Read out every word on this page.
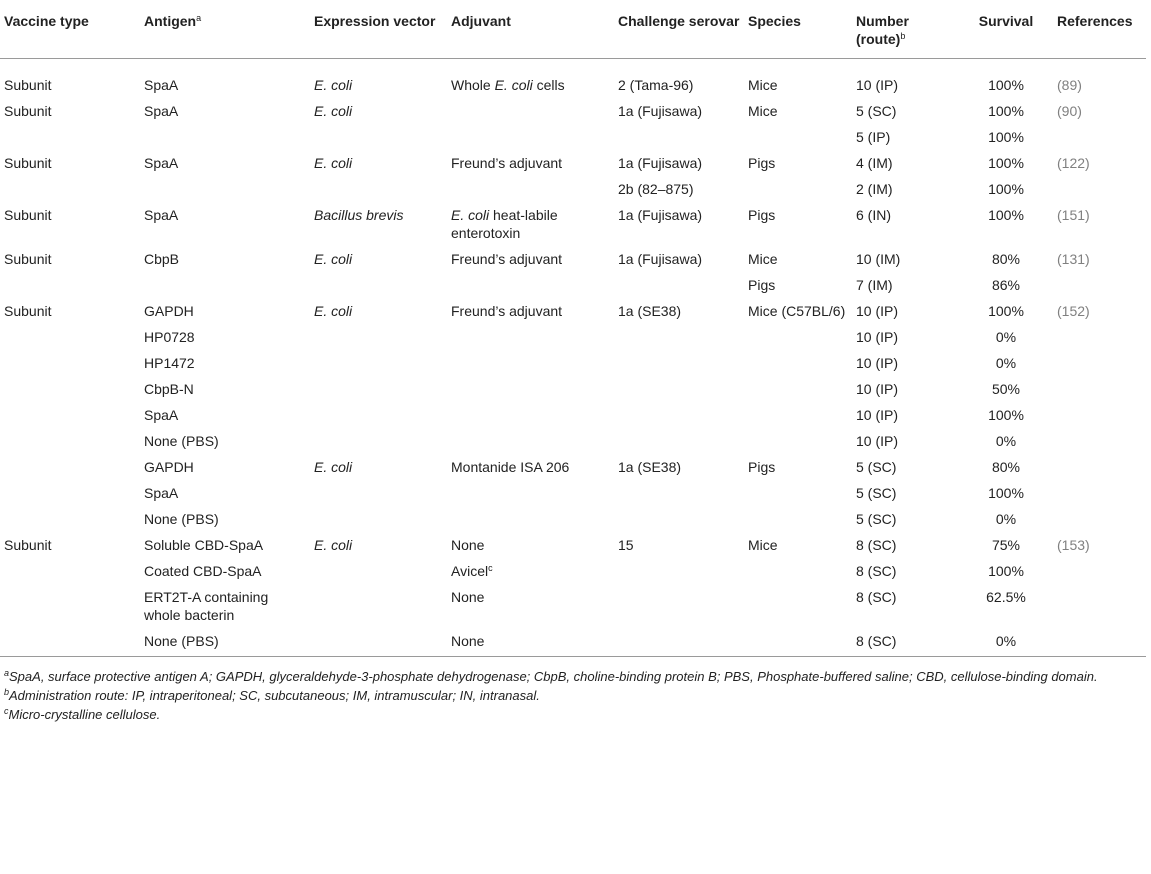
Vaccine type	Antigen$^a$	Expression vector	Adjuvant	Challenge serovar	Species	Number (route)$^b$	Survival	References
Subunit	SpaA	E. coli	Whole E. coli cells	2 (Tama-96)	Mice	10 (IP)	100%	(89)
Subunit	SpaA	E. coli		1a (Fujisawa)	Mice	5 (SC)	100%	(90)
						5 (IP)	100%	
Subunit	SpaA	E. coli	Freund’s adjuvant	1a (Fujisawa)	Pigs	4 (IM)	100%	(122)
				2b (82–875)		2 (IM)	100%	
Subunit	SpaA	Bacillus brevis	E. coli heat-labile enterotoxin	1a (Fujisawa)	Pigs	6 (IN)	100%	(151)
Subunit	CbpB	E. coli	Freund’s adjuvant	1a (Fujisawa)	Mice	10 (IM)	80%	(131)
					Pigs	7 (IM)	86%	
Subunit	GAPDH	E. coli	Freund’s adjuvant	1a (SE38)	Mice (C57BL/6)	10 (IP)	100%	(152)
	HP0728					10 (IP)	0%	
	HP1472					10 (IP)	0%	
	CbpB-N					10 (IP)	50%	
	SpaA					10 (IP)	100%	
	None (PBS)					10 (IP)	0%	
	GAPDH	E. coli	Montanide ISA 206	1a (SE38)	Pigs	5 (SC)	80%	
	SpaA					5 (SC)	100%	
	None (PBS)					5 (SC)	0%	
Subunit	Soluble CBD-SpaA	E. coli	None	15	Mice	8 (SC)	75%	(153)
	Coated CBD-SpaA		Avicel$^c$			8 (SC)	100%	
	ERT2T-A containing whole bacterin		None			8 (SC)	62.5%	
	None (PBS)		None			8 (SC)	0%	

$^a$SpaA, surface protective antigen A; GAPDH, glyceraldehyde-3-phosphate dehydrogenase; CbpB, choline-binding protein B; PBS, Phosphate-buffered saline; CBD, cellulose-binding domain.

$^b$Administration route: IP, intraperitoneal; SC, subcutaneous; IM, intramuscular; IN, intranasal.

$^c$Micro-crystalline cellulose.
